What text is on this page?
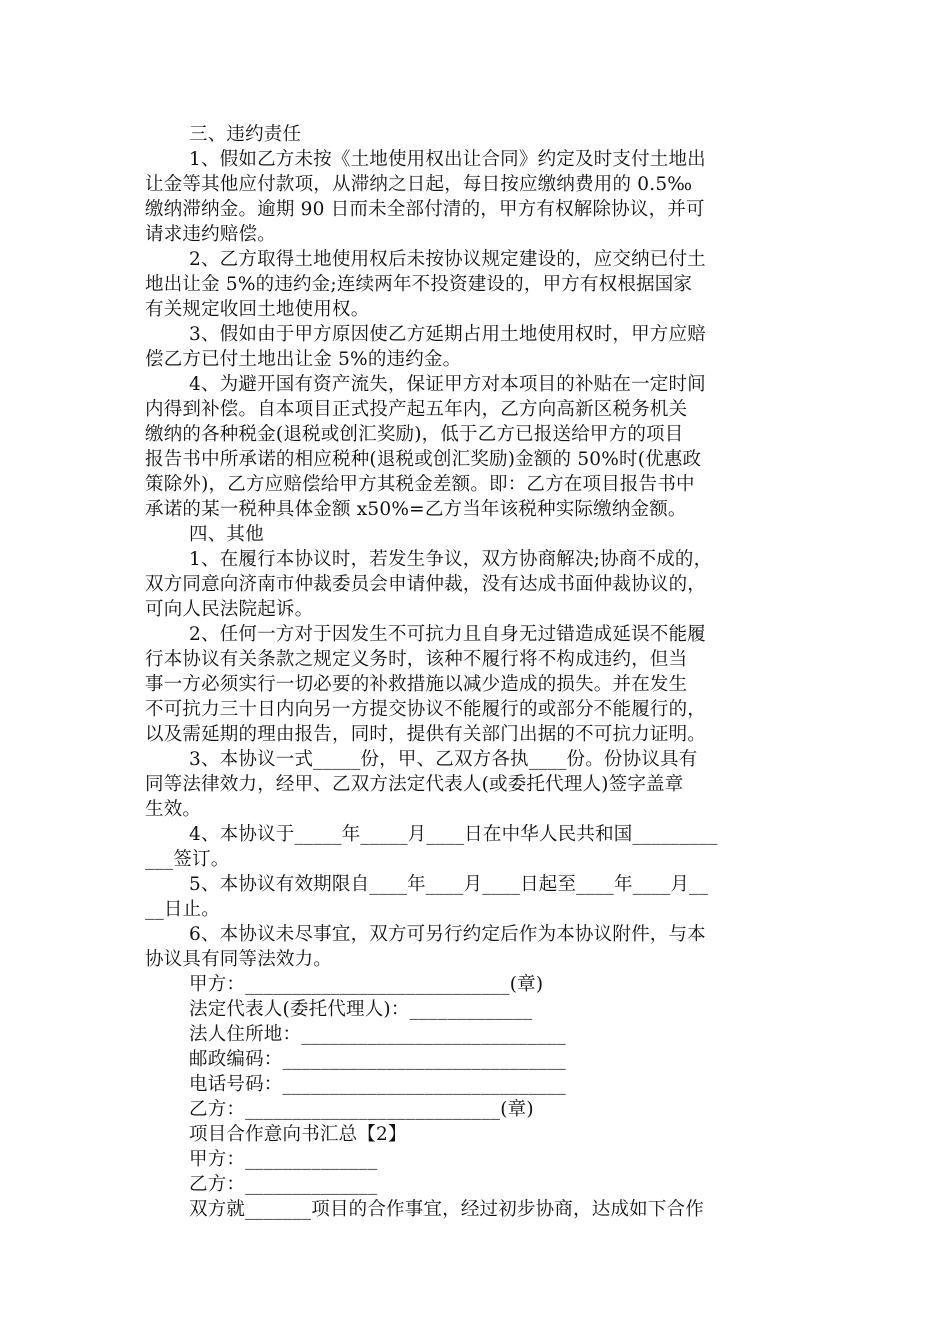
三、违约责任
1、假如乙方未按《土地使用权出让合同》约定及时支付土地出
让金等其他应付款项，从滞纳之日起，每日按应缴纳费用的 0.5‰
缴纳滞纳金。逾期 90 日而未全部付清的，甲方有权解除协议，并可
请求违约赔偿。
2、乙方取得土地使用权后未按协议规定建设的，应交纳已付土
地出让金 5%的违约金;连续两年不投资建设的，甲方有权根据国家
有关规定收回土地使用权。
3、假如由于甲方原因使乙方延期占用土地使用权时，甲方应赔
偿乙方已付土地出让金 5%的违约金。
4、为避开国有资产流失，保证甲方对本项目的补贴在一定时间
内得到补偿。自本项目正式投产起五年内，乙方向高新区税务机关
缴纳的各种税金(退税或创汇奖励)，低于乙方已报送给甲方的项目
报告书中所承诺的相应税种(退税或创汇奖励)金额的 50%时(优惠政
策除外)，乙方应赔偿给甲方其税金差额。即：乙方在项目报告书中
承诺的某一税种具体金额 x50%=乙方当年该税种实际缴纳金额。
四、其他
1、在履行本协议时，若发生争议，双方协商解决;协商不成的，
双方同意向济南市仲裁委员会申请仲裁，没有达成书面仲裁协议的，
可向人民法院起诉。
2、任何一方对于因发生不可抗力且自身无过错造成延误不能履
行本协议有关条款之规定义务时，该种不履行将不构成违约，但当
事一方必须实行一切必要的补救措施以减少造成的损失。并在发生
不可抗力三十日内向另一方提交协议不能履行的或部分不能履行的，
以及需延期的理由报告，同时，提供有关部门出据的不可抗力证明。
3、本协议一式_____份，甲、乙双方各执____份。份协议具有
同等法律效力，经甲、乙双方法定代表人(或委托代理人)签字盖章
生效。
4、本协议于_____年_____月____日在中华人民共和国_________
___签订。
5、本协议有效期限自____年____月____日起至____年____月__
__日止。
6、本协议未尽事宜，双方可另行约定后作为本协议附件，与本
协议具有同等法效力。
甲方：____________________________(章)
法定代表人(委托代理人)：_____________
法人住所地：____________________________
邮政编码：______________________________
电话号码：______________________________
乙方：___________________________(章)
项目合作意向书汇总【2】
甲方：______________
乙方：______________
双方就_______项目的合作事宜，经过初步协商，达成如下合作
